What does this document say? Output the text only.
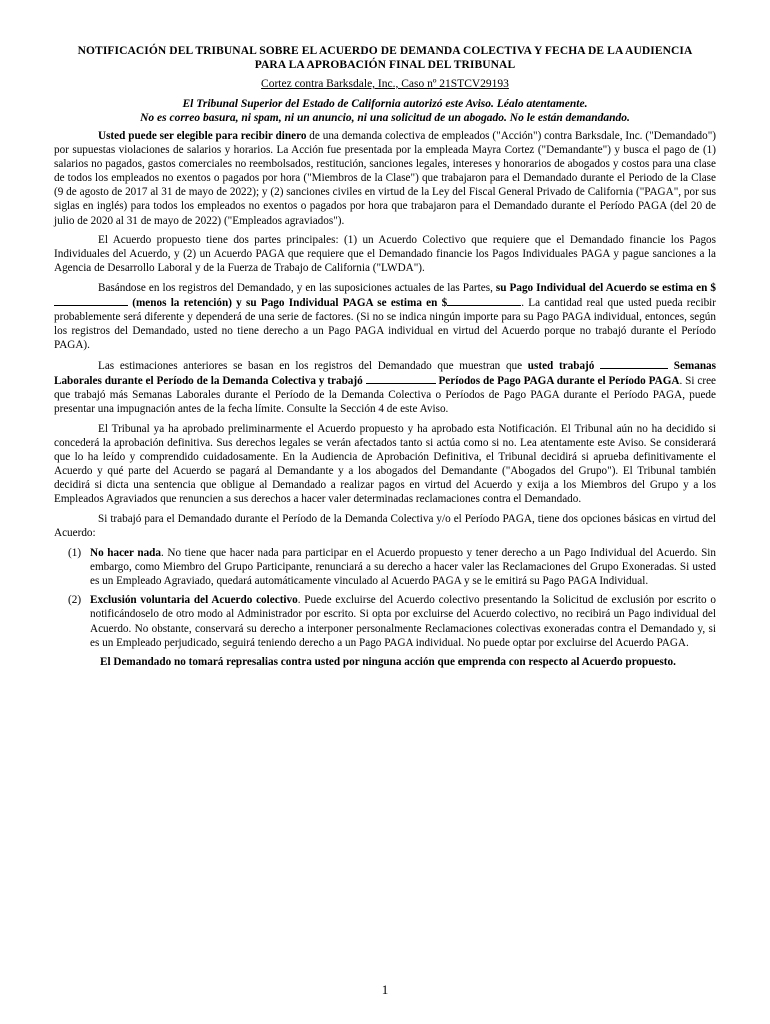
NOTIFICACIÓN DEL TRIBUNAL SOBRE EL ACUERDO DE DEMANDA COLECTIVA Y FECHA DE LA AUDIENCIA
PARA LA APROBACIÓN FINAL DEL TRIBUNAL

Cortez contra Barksdale, Inc., Caso nº 21STCV29193

El Tribunal Superior del Estado de California autorizó este Aviso. Léalo atentamente.
No es correo basura, ni spam, ni un anuncio, ni una solicitud de un abogado. No le están demandando.

Usted puede ser elegible para recibir dinero de una demanda colectiva de empleados ("Acción") contra Barksdale, Inc. ("Demandado") por supuestas violaciones de salarios y horarios. La Acción fue presentada por la empleada Mayra Cortez ("Demandante") y busca el pago de (1) salarios no pagados, gastos comerciales no reembolsados, restitución, sanciones legales, intereses y honorarios de abogados y costos para una clase de todos los empleados no exentos o pagados por hora ("Miembros de la Clase") que trabajaron para el Demandado durante el Periodo de la Clase (9 de agosto de 2017 al 31 de mayo de 2022); y (2) sanciones civiles en virtud de la Ley del Fiscal General Privado de California ("PAGA", por sus siglas en inglés) para todos los empleados no exentos o pagados por hora que trabajaron para el Demandado durante el Período PAGA (del 20 de julio de 2020 al 31 de mayo de 2022) ("Empleados agraviados").

El Acuerdo propuesto tiene dos partes principales: (1) un Acuerdo Colectivo que requiere que el Demandado financie los Pagos Individuales del Acuerdo, y (2) un Acuerdo PAGA que requiere que el Demandado financie los Pagos Individuales PAGA y pague sanciones a la Agencia de Desarrollo Laboral y de la Fuerza de Trabajo de California ("LWDA").

Basándose en los registros del Demandado, y en las suposiciones actuales de las Partes, su Pago Individual del Acuerdo se estima en $ (menos la retención) y su Pago Individual PAGA se estima en $	. La cantidad real que usted pueda recibir probablemente será diferente y dependerá de una serie de factores. (Si no se indica ningún importe para su Pago PAGA individual, entonces, según los registros del Demandado, usted no tiene derecho a un Pago PAGA individual en virtud del Acuerdo porque no trabajó durante el Período PAGA).

Las estimaciones anteriores se basan en los registros del Demandado que muestran que usted trabajó	Semanas Laborales durante el Período de la Demanda Colectiva y trabajó	Períodos de Pago PAGA durante el Período PAGA. Si cree que trabajó más Semanas Laborales durante el Período de la Demanda Colectiva o Períodos de Pago PAGA durante el Período PAGA, puede presentar una impugnación antes de la fecha límite. Consulte la Sección 4 de este Aviso.

El Tribunal ya ha aprobado preliminarmente el Acuerdo propuesto y ha aprobado esta Notificación. El Tribunal aún no ha decidido si concederá la aprobación definitiva. Sus derechos legales se verán afectados tanto si actúa como si no. Lea atentamente este Aviso. Se considerará que lo ha leído y comprendido cuidadosamente. En la Audiencia de Aprobación Definitiva, el Tribunal decidirá si aprueba definitivamente el Acuerdo y qué parte del Acuerdo se pagará al Demandante y a los abogados del Demandante ("Abogados del Grupo"). El Tribunal también decidirá si dicta una sentencia que obligue al Demandado a realizar pagos en virtud del Acuerdo y exija a los Miembros del Grupo y a los Empleados Agraviados que renuncien a sus derechos a hacer valer determinadas reclamaciones contra el Demandado.

Si trabajó para el Demandado durante el Período de la Demanda Colectiva y/o el Período PAGA, tiene dos opciones básicas en virtud del Acuerdo:

(1) No hacer nada. No tiene que hacer nada para participar en el Acuerdo propuesto y tener derecho a un Pago Individual del Acuerdo. Sin embargo, como Miembro del Grupo Participante, renunciará a su derecho a hacer valer las Reclamaciones del Grupo Exoneradas. Si usted es un Empleado Agraviado, quedará automáticamente vinculado al Acuerdo PAGA y se le emitirá su Pago PAGA Individual.
(2) Exclusión voluntaria del Acuerdo colectivo. Puede excluirse del Acuerdo colectivo presentando la Solicitud de exclusión por escrito o notificándoselo de otro modo al Administrador por escrito. Si opta por excluirse del Acuerdo colectivo, no recibirá un Pago individual del Acuerdo. No obstante, conservará su derecho a interponer personalmente Reclamaciones colectivas exoneradas contra el Demandado y, si es un Empleado perjudicado, seguirá teniendo derecho a un Pago PAGA individual. No puede optar por excluirse del Acuerdo PAGA.

El Demandado no tomará represalias contra usted por ninguna acción que emprenda con respecto al Acuerdo propuesto.

1
